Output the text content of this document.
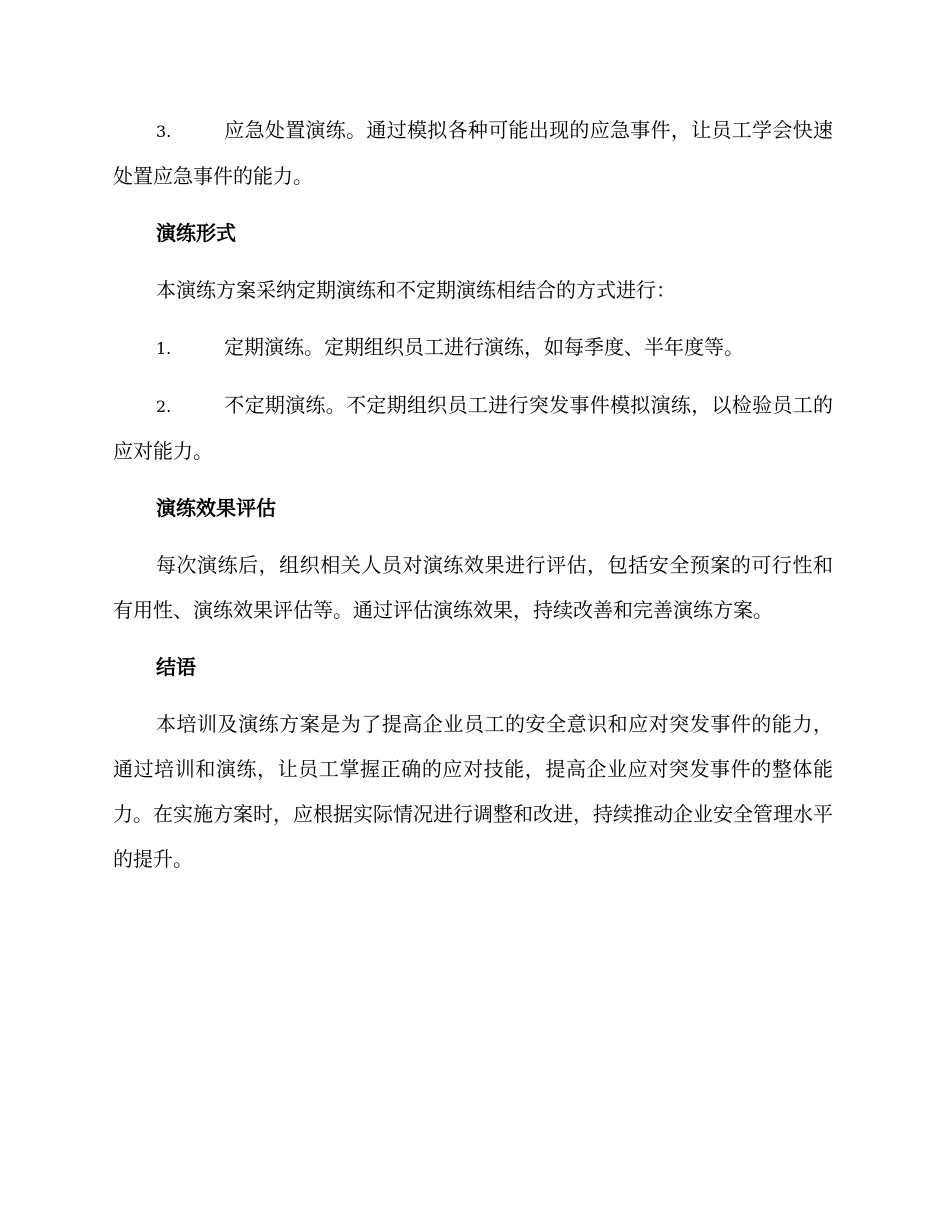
3.	应急处置演练。通过模拟各种可能出现的应急事件，让员工学会快速处置应急事件的能力。

演练形式

本演练方案采纳定期演练和不定期演练相结合的方式进行：

1.	定期演练。定期组织员工进行演练，如每季度、半年度等。

2.	不定期演练。不定期组织员工进行突发事件模拟演练，以检验员工的应对能力。

演练效果评估

每次演练后，组织相关人员对演练效果进行评估，包括安全预案的可行性和有用性、演练效果评估等。通过评估演练效果，持续改善和完善演练方案。

结语

本培训及演练方案是为了提高企业员工的安全意识和应对突发事件的能力，通过培训和演练，让员工掌握正确的应对技能，提高企业应对突发事件的整体能力。在实施方案时，应根据实际情况进行调整和改进，持续推动企业安全管理水平的提升。
